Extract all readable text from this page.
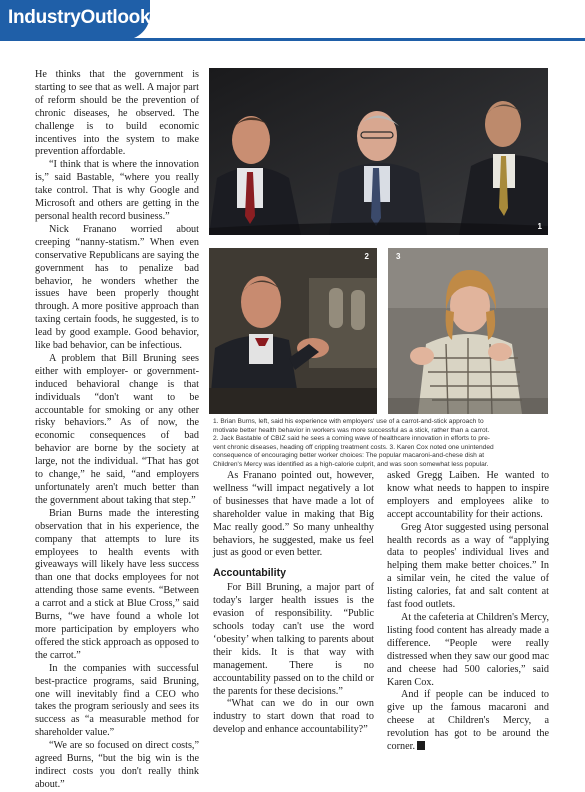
IndustryOutlook

He thinks that the government is starting to see that as well. A major part of reform should be the prevention of chronic diseases, he observed. The challenge is to build economic incentives into the system to make prevention affordable.

“I think that is where the innovation is,” said Bastable, “where you really take control. That is why Google and Microsoft and others are getting in the personal health record business.”

Nick Franano worried about creeping “nanny-statism.” When even conservative Republicans are saying the government has to penalize bad behavior, he wonders whether the issues have been properly thought through. A more positive approach than taxing certain foods, he suggested, is to lead by good example. Good behavior, like bad behavior, can be infectious.

A problem that Bill Bruning sees either with employer- or government-induced behavioral change is that individuals “don't want to be accountable for smoking or any other risky behaviors.” As of now, the economic consequences of bad behavior are borne by the society at large, not the individual. “That has got to change,” he said, “and employers unfortunately aren't much better than the government about taking that step.”

Brian Burns made the interesting observation that in his experience, the company that attempts to lure its employees to health events with giveaways will likely have less success than one that docks employees for not attending those same events. “Between a carrot and a stick at Blue Cross,” said Burns, “we have found a whole lot more participation by employers who offered the stick approach as opposed to the carrot.”

In the companies with successful best-practice programs, said Bruning, one will inevitably find a CEO who takes the program seriously and sees its success as “a measurable method for shareholder value.”

“We are so focused on direct costs,” agreed Burns, “but the big win is the indirect costs you don't really think about.”

1
2	3

1. Brian Burns, left, said his experience with employers' use of a carrot-and-stick approach to

motivate better health behavior in workers was more successful as a stick, rather than a carrot.

2. Jack Bastable of CBIZ said he sees a coming wave of healthcare innovation in efforts to pre-

vent chronic diseases, heading off crippling treatment costs. 3. Karen Cox noted one unintended

consequence of encouraging better worker choices: The popular macaroni-and-chese dish at

Children's Mercy was identified as a high-calorie culprit, and was soon somewhat less popular.

As Franano pointed out, however, wellness “will impact negatively a lot of businesses that have made a lot of shareholder value in making that Big Mac really good.” So many unhealthy behaviors, he suggested, make us feel just as good or even better.

Accountability

For Bill Bruning, a major part of today's larger health issues is the evasion of responsibility. “Public schools today can't use the word ‘obesity’ when talking to parents about their kids. It is that way with management. There is no accountability passed on to the child or the parents for these decisions.”

“What can we do in our own industry to start down that road to develop and enhance accountability?”

asked Gregg Laiben. He wanted to know what needs to happen to inspire employers and employees alike to accept accountability for their actions.

Greg Ator suggested using personal health records as a way of “applying data to peoples' individual lives and helping them make better choices.” In a similar vein, he cited the value of listing calories, fat and salt content at fast food outlets.

At the cafeteria at Children's Mercy, listing food content has already made a difference. “People were really distressed when they saw our good mac and cheese had 500 calories,” said Karen Cox.

And if people can be induced to give up the famous macaroni and cheese at Children's Mercy, a revolution has got to be around the corner.
